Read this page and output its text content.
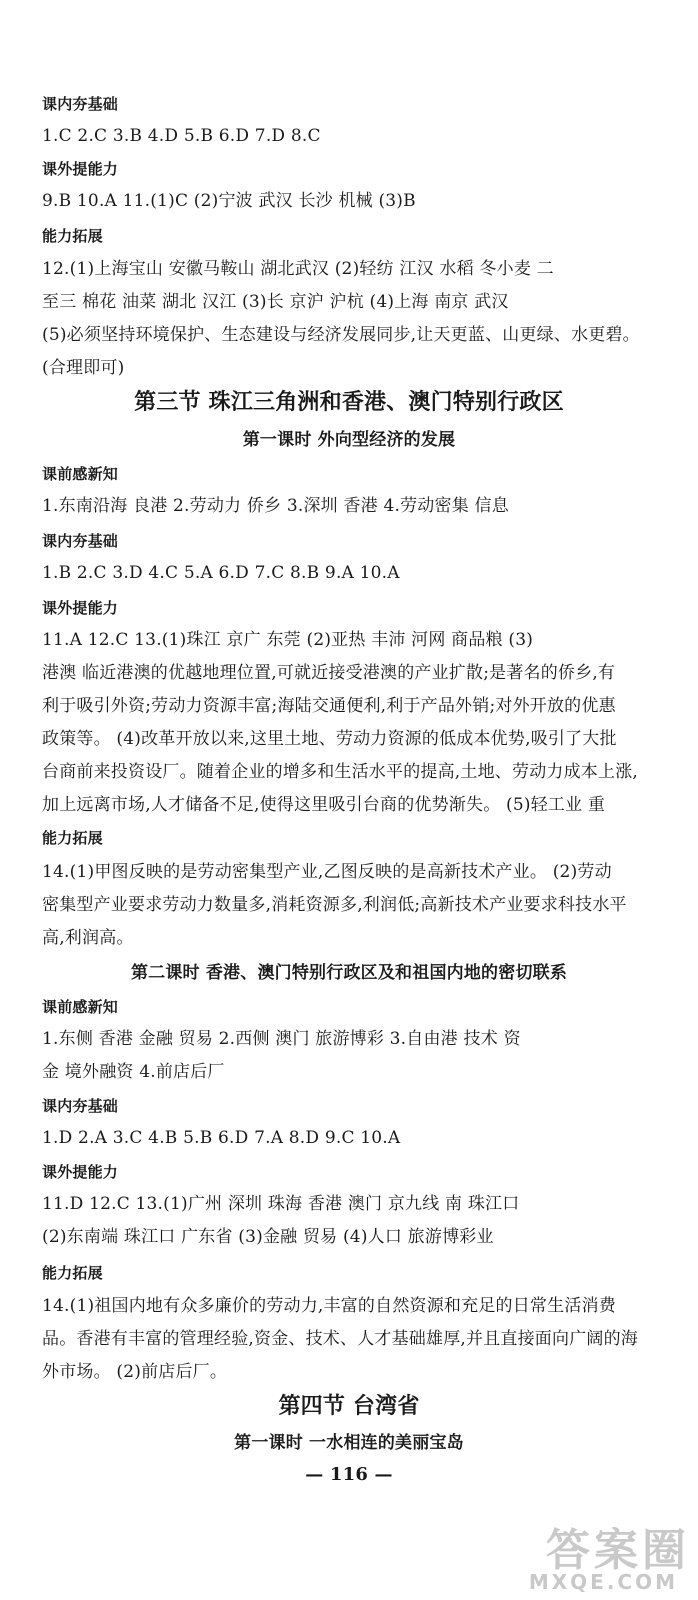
课内夯基础
1.C 2.C 3.B 4.D 5.B 6.D 7.D 8.C
课外提能力
9.B 10.A 11.(1)C (2)宁波 武汉 长沙 机械 (3)B
能力拓展
12.(1)上海宝山 安徽马鞍山 湖北武汉 (2)轻纺 江汉 水稻 冬小麦 二
至三 棉花 油菜 湖北 汉江 (3)长 京沪 沪杭 (4)上海 南京 武汉
(5)必须坚持环境保护、生态建设与经济发展同步,让天更蓝、山更绿、水更碧。
(合理即可)
第三节 珠江三角洲和香港、澳门特别行政区
第一课时 外向型经济的发展
课前感新知
1.东南沿海 良港 2.劳动力 侨乡 3.深圳 香港 4.劳动密集 信息
课内夯基础
1.B 2.C 3.D 4.C 5.A 6.D 7.C 8.B 9.A 10.A
课外提能力
11.A 12.C 13.(1)珠江 京广 东莞 (2)亚热 丰沛 河网 商品粮 (3)
港澳 临近港澳的优越地理位置,可就近接受港澳的产业扩散;是著名的侨乡,有
利于吸引外资;劳动力资源丰富;海陆交通便利,利于产品外销;对外开放的优惠
政策等。 (4)改革开放以来,这里土地、劳动力资源的低成本优势,吸引了大批
台商前来投资设厂。随着企业的增多和生活水平的提高,土地、劳动力成本上涨,
加上远离市场,人才储备不足,使得这里吸引台商的优势渐失。 (5)轻工业 重
能力拓展
14.(1)甲图反映的是劳动密集型产业,乙图反映的是高新技术产业。 (2)劳动
密集型产业要求劳动力数量多,消耗资源多,利润低;高新技术产业要求科技水平
高,利润高。
第二课时 香港、澳门特别行政区及和祖国内地的密切联系
课前感新知
1.东侧 香港 金融 贸易 2.西侧 澳门 旅游博彩 3.自由港 技术 资
金 境外融资 4.前店后厂
课内夯基础
1.D 2.A 3.C 4.B 5.B 6.D 7.A 8.D 9.C 10.A
课外提能力
11.D 12.C 13.(1)广州 深圳 珠海 香港 澳门 京九线 南 珠江口
(2)东南端 珠江口 广东省 (3)金融 贸易 (4)人口 旅游博彩业
能力拓展
14.(1)祖国内地有众多廉价的劳动力,丰富的自然资源和充足的日常生活消费
品。香港有丰富的管理经验,资金、技术、人才基础雄厚,并且直接面向广阔的海
外市场。 (2)前店后厂。
第四节 台湾省
第一课时 一水相连的美丽宝岛
— 116 —
答案圈
MXQE.COM
